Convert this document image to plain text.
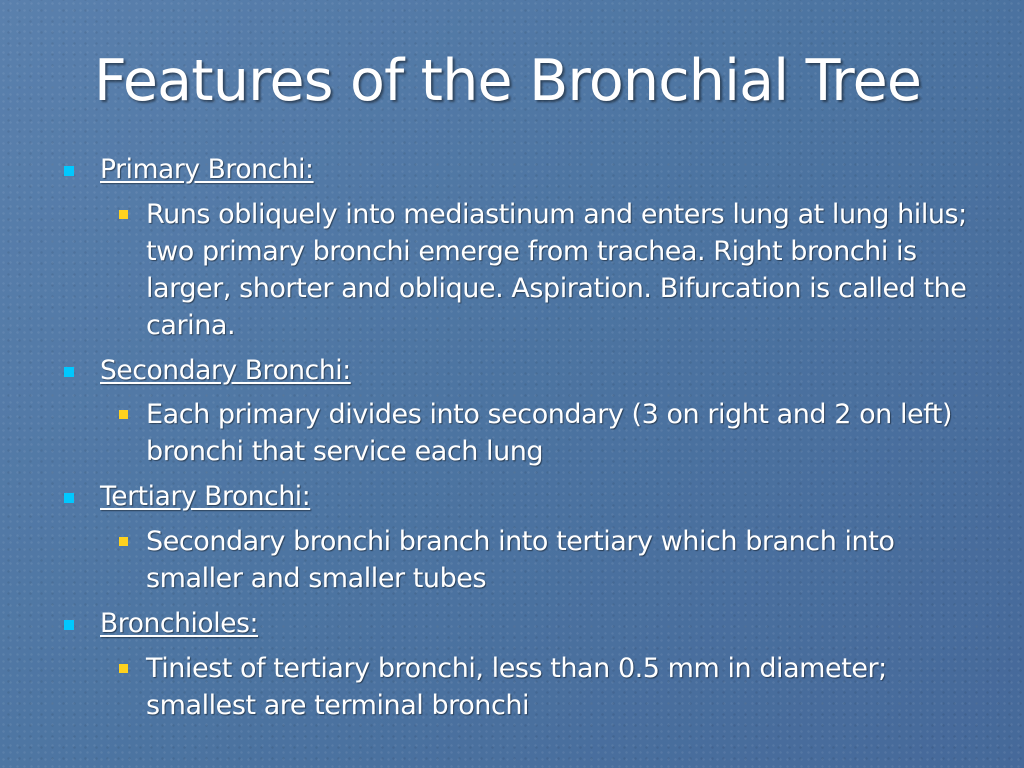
Features of the Bronchial Tree

Primary Bronchi:

Runs obliquely into mediastinum and enters lung at lung hilus; two primary bronchi emerge from trachea. Right bronchi is larger, shorter and oblique. Aspiration. Bifurcation is called the carina.

Secondary Bronchi:

Each primary divides into secondary (3 on right and 2 on left) bronchi that service each lung

Tertiary Bronchi:

Secondary bronchi branch into tertiary which branch into smaller and smaller tubes

Bronchioles:

Tiniest of tertiary bronchi, less than 0.5 mm in diameter; smallest are terminal bronchi
